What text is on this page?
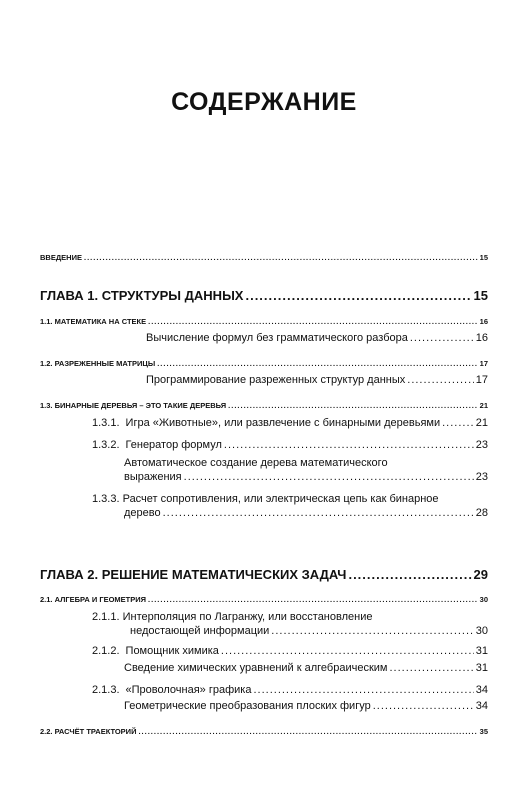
СОДЕРЖАНИЕ
ВВЕДЕНИЕ .....	15
ГЛАВА 1. СТРУКТУРЫ ДАННЫХ .....	15
1.1. МАТЕМАТИКА НА СТЕКЕ .....	16
Вычисление формул без грамматического разбора .....	16
1.2. РАЗРЕЖЕННЫЕ МАТРИЦЫ .....	17
Программирование разреженных структур данных .....	17
1.3. БИНАРНЫЕ ДЕРЕВЬЯ – ЭТО ТАКИЕ ДЕРЕВЬЯ .....	21
1.3.1. Игра «Животные», или развлечение с бинарными деревьями .....	21
1.3.2. Генератор формул .....	23
Автоматическое создание дерева математического
выражения .....	23
1.3.3. Расчет сопротивления, или электрическая цепь как бинарное
дерево .....	28
ГЛАВА 2. РЕШЕНИЕ МАТЕМАТИЧЕСКИХ ЗАДАЧ .....	29
2.1. АЛГЕБРА И ГЕОМЕТРИЯ .....	30
2.1.1. Интерполяция по Лагранжу, или восстановление
недостающей информации .....	30
2.1.2. Помощник химика .....	31
Сведение химических уравнений к алгебраическим .....	31
2.1.3. «Проволочная» графика .....	34
Геометрические преобразования плоских фигур .....	34
2.2. РАСЧЁТ ТРАЕКТОРИЙ .....	35
